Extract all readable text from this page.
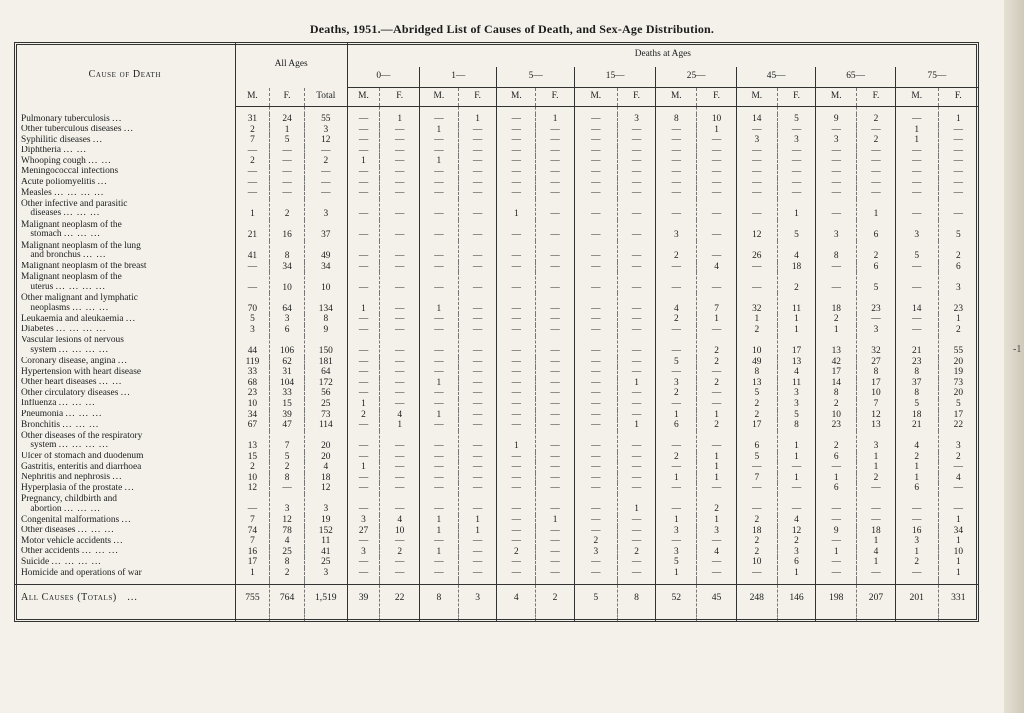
Deaths, 1951.—Abridged List of Causes of Death, and Sex-Age Distribution.
Cause of Death	All Ages			Deaths at Ages															
				0—		1—		5—		15—		25—		45—		65—		75—	
	M.	F.	Total	M.	F.	M.	F.	M.	F.	M.	F.	M.	F.	M.	F.	M.	F.	M.	F.

Pulmonary tuberculosis ...	31	24	55	—	1	—	1	—	1	—	3	8	10	14	5	9	2	—	1
Other tuberculous diseases ...	2	1	3	—	—	1	—	—	—	—	—	—	1	—	—	—	—	1	—
Syphilitic diseases ...	7	5	12	—	—	—	—	—	—	—	—	—	—	3	3	3	2	1	—
Diphtheria ... ...	—	—	—	—	—	—	—	—	—	—	—	—	—	—	—	—	—	—	—
Whooping cough ... ...	2	—	2	1	—	1	—	—	—	—	—	—	—	—	—	—	—	—	—
Meningococcal infections	—	—	—	—	—	—	—	—	—	—	—	—	—	—	—	—	—	—	—
Acute poliomyelitis ...	—	—	—	—	—	—	—	—	—	—	—	—	—	—	—	—	—	—	—
Measles ... ... ... ...	—	—	—	—	—	—	—	—	—	—	—	—	—	—	—	—	—	—	—
Other infective and parasitic
 diseases ... ... ...	1	2	3	—	—	—	—	1	—	—	—	—	—	—	1	—	1	—	—
Malignant neoplasm of the
 stomach ... ... ...	21	16	37	—	—	—	—	—	—	—	—	3	—	12	5	3	6	3	5
Malignant neoplasm of the lung
 and bronchus ... ...	41	8	49	—	—	—	—	—	—	—	—	2	—	26	4	8	2	5	2
Malignant neoplasm of the breast	—	34	34	—	—	—	—	—	—	—	—	—	4	—	18	—	6	—	6
Malignant neoplasm of the
 uterus ... ... ... ...	—	10	10	—	—	—	—	—	—	—	—	—	—	—	2	—	5	—	3
Other malignant and lymphatic
 neoplasms ... ... ...	70	64	134	1	—	1	—	—	—	—	—	4	7	32	11	18	23	14	23
Leukaemia and aleukaemia ...	5	3	8	—	—	—	—	—	—	—	—	2	1	1	1	2	—	—	1
Diabetes ... ... ... ...	3	6	9	—	—	—	—	—	—	—	—	—	—	2	1	1	3	—	2
Vascular lesions of nervous
 system ... ... ... ...	44	106	150	—	—	—	—	—	—	—	—	—	2	10	17	13	32	21	55
Coronary disease, angina ...	119	62	181	—	—	—	—	—	—	—	—	5	2	49	13	42	27	23	20
Hypertension with heart disease	33	31	64	—	—	—	—	—	—	—	—	—	—	8	4	17	8	8	19
Other heart diseases ... ...	68	104	172	—	—	1	—	—	—	—	1	3	2	13	11	14	17	37	73
Other circulatory diseases ...	23	33	56	—	—	—	—	—	—	—	—	2	—	5	3	8	10	8	20
Influenza ... ... ...	10	15	25	1	—	—	—	—	—	—	—	—	—	2	3	2	7	5	5
Pneumonia ... ... ...	34	39	73	2	4	1	—	—	—	—	—	1	1	2	5	10	12	18	17
Bronchitis ... ... ...	67	47	114	—	1	—	—	—	—	—	1	6	2	17	8	23	13	21	22
Other diseases of the respiratory
 system ... ... ... ...	13	7	20	—	—	—	—	1	—	—	—	—	—	6	1	2	3	4	3
Ulcer of stomach and duodenum	15	5	20	—	—	—	—	—	—	—	—	2	1	5	1	6	1	2	2
Gastritis, enteritis and diarrhoea	2	2	4	1	—	—	—	—	—	—	—	—	1	—	—	—	1	1	—
Nephritis and nephrosis ...	10	8	18	—	—	—	—	—	—	—	—	1	1	7	1	1	2	1	4
Hyperplasia of the prostate ...	12	—	12	—	—	—	—	—	—	—	—	—	—	—	—	6	—	6	—
Pregnancy, childbirth and
 abortion ... ... ...	—	3	3	—	—	—	—	—	—	—	1	—	2	—	—	—	—	—	—
Congenital malformations ...	7	12	19	3	4	1	1	—	1	—	—	1	1	2	4	—	—	—	1
Other diseases ... ... ...	74	78	152	27	10	1	1	—	—	—	—	3	3	18	12	9	18	16	34
Motor vehicle accidents ...	7	4	11	—	—	—	—	—	—	2	—	—	—	2	2	—	1	3	1
Other accidents ... ... ...	16	25	41	3	2	1	—	2	—	3	2	3	4	2	3	1	4	1	10
Suicide ... ... ... ...	17	8	25	—	—	—	—	—	—	—	—	5	—	10	6	—	1	2	1
Homicide and operations of war	1	2	3	—	—	—	—	—	—	—	—	1	—	—	1	—	—	—	1

All Causes (Totals)  ...	755	764	1,519	39	22	8	3	4	2	5	8	52	45	248	146	198	207	201	331

-1
